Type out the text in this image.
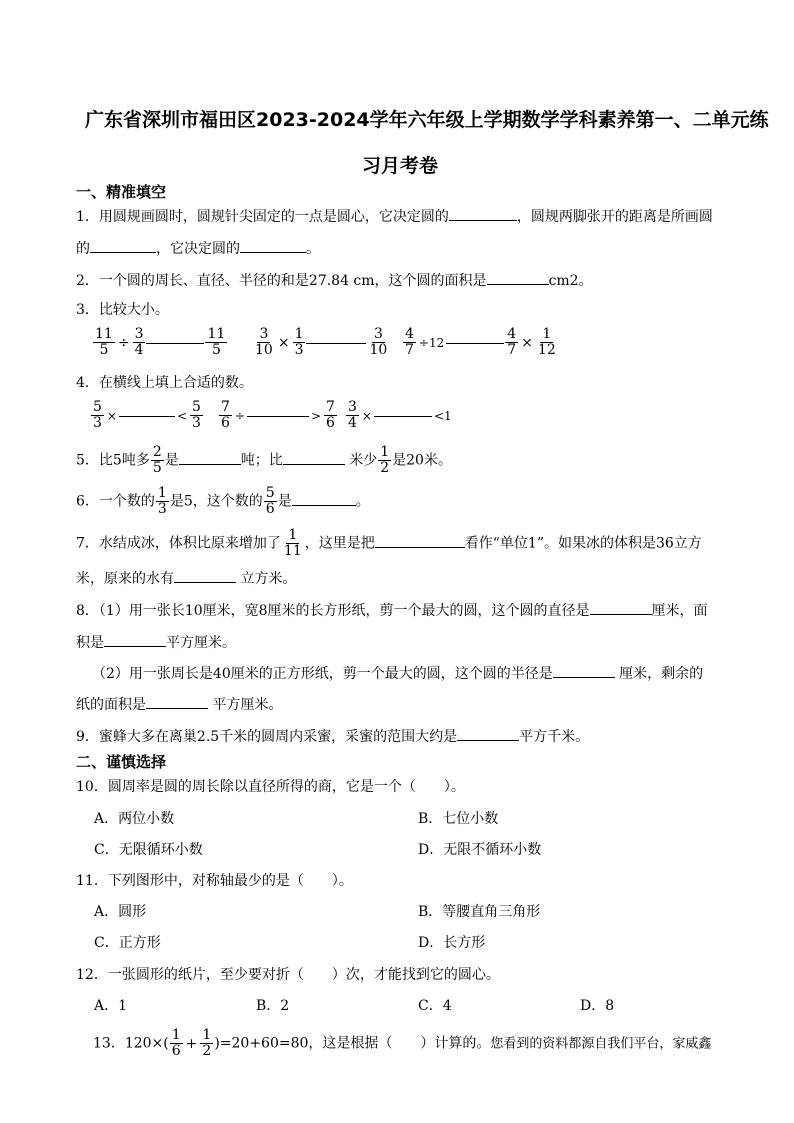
广东省深圳市福田区2023-2024学年六年级上学期数学学科素养第一、二单元练
习月考卷
一、精准填空
1．用圆规画圆时，圆规针尖固定的一点是圆心，它决定圆的	，圆规两脚张开的距离是所画圆
的	，它决定圆的	。
2．一个圆的周长、直径、半径的和是27.84 cm，这个圆的面积是	cm2。
3．比较大小。
$\frac{11}{5} \div \frac{3}{4}$	$\frac{11}{5} \frac{3}{10} \times \frac{1}{3}$	$\frac{3}{10} \frac{4}{7} \div 12$	$\frac{4}{7} \times \frac{1}{12}$
4．在横线上填上合适的数。
$\frac{5}{3}$ ×	< $\frac{5}{3} \frac{7}{6}$ ÷	> $\frac{7}{6} \frac{3}{4}$ ×	<1
5．比5吨多 $\frac{2}{5}$ 是	吨；比	米少 $\frac{1}{2}$ 是20米。
6．一个数的 $\frac{1}{3}$ 是5，这个数的 $\frac{5}{6}$ 是	。
7．水结成冰，体积比原来增加了 $\frac{1}{11}$ ，这里是把	看作“单位1”。如果冰的体积是36立方
米，原来的水有	立方米。
8．（1）用一张长10厘米，宽8厘米的长方形纸，剪一个最大的圆，这个圆的直径是	厘米，面
积是	平方厘米。
（2）用一张周长是40厘米的正方形纸，剪一个最大的圆，这个圆的半径是	厘米，剩余的
纸的面积是	平方厘米。
9．蜜蜂大多在离巢2.5千米的圆周内采蜜，采蜜的范围大约是	平方千米。
二、谨慎选择
10．圆周率是圆的周长除以直径所得的商，它是一个（　　）。
A．两位小数	B．七位小数
C．无限循环小数	D．无限不循环小数
11．下列图形中，对称轴最少的是（　　）。
A．圆形	B．等腰直角三角形
C．正方形	D．长方形
12．一张圆形的纸片，至少要对折（　　）次，才能找到它的圆心。
A．1	B．2	C．4	D．8
13．$120\times( \frac{1}{6} + \frac{1}{2} )=20+60=80$，这是根据（　　）计算的。您看到的资料都源自我们平台，家威鑫
